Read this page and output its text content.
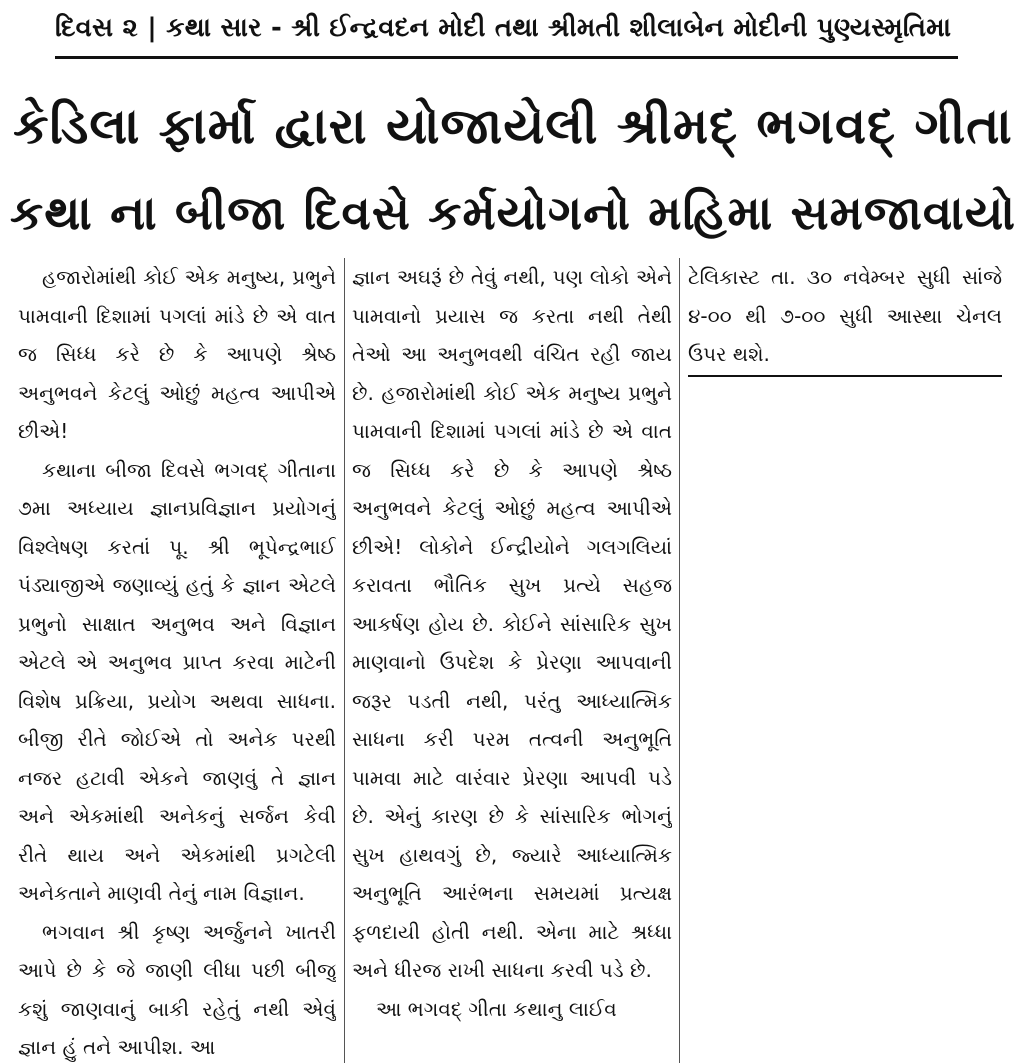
દિવસ ૨ | કથા સાર - શ્રી ઈન્દ્રવદન મોદી તથા શ્રીમતી શીલાબેન મોદીની પુણ્યસ્મૃતિમા
કેડિલા ફાર્મા દ્વારા યોજાયેલી શ્રીમદ્ ભગવદ્ ગીતા
કથા ના બીજા દિવસે કર્મયોગનો મહિમા સમજાવાયો

હજારોમાંથી કોઈ એક મનુષ્ય, પ્રભુને પામવાની દિશામાં પગલાં માંડે છે એ વાત જ સિધ્ધ કરે છે કે આપણે શ્રેષ્ઠ અનુભવને કેટલું ઓછું મહત્વ આપીએ છીએ!

કથાના બીજા દિવસે ભગવદ્ ગીતાના ૭મા અધ્યાય જ્ઞાનપ્રવિજ્ઞાન પ્રયોગનું વિશ્લેષણ કરતાં પૂ. શ્રી ભૂપેન્દ્રભાઈ પંડ્યાજીએ જણાવ્યું હતું કે જ્ઞાન એટલે પ્રભુનો સાક્ષાત અનુભવ અને વિજ્ઞાન એટલે એ અનુભવ પ્રાપ્ત કરવા માટેની વિશેષ પ્રક્રિયા, પ્રયોગ અથવા સાધના. બીજી રીતે જોઈએ તો અનેક પરથી નજર હટાવી એકને જાણવું તે જ્ઞાન અને એકમાંથી અનેકનું સર્જન કેવી રીતે થાય અને એકમાંથી પ્રગટેલી અનેકતાને માણવી તેનું નામ વિજ્ઞાન.

ભગવાન શ્રી કૃષ્ણ અર્જુનને ખાતરી આપે છે કે જે જાણી લીધા પછી બીજુ કશું જાણવાનું બાકી રહેતું નથી એવું જ્ઞાન હું તને આપીશ. આ

જ્ઞાન અઘરૂં છે તેવું નથી, પણ લોકો એને પામવાનો પ્રયાસ જ કરતા નથી તેથી તેઓ આ અનુભવથી વંચિત રહી જાય છે. હજારોમાંથી કોઈ એક મનુષ્ય પ્રભુને પામવાની દિશામાં પગલાં માંડે છે એ વાત જ સિધ્ધ કરે છે કે આપણે શ્રેષ્ઠ અનુભવને કેટલું ઓછું મહત્વ આપીએ છીએ! લોકોને ઈન્દ્રીયોને ગલગલિયાં કરાવતા ભૌતિક સુખ પ્રત્યે સહજ આકર્ષણ હોય છે. કોઈને સાંસારિક સુખ માણવાનો ઉપદેશ કે પ્રેરણા આપવાની જરૂર પડતી નથી, પરંતુ આધ્યાત્મિક સાધના કરી પરમ તત્વની અનુભૂતિ પામવા માટે વારંવાર પ્રેરણા આપવી પડે છે. એનું કારણ છે કે સાંસારિક ભોગનું સુખ હાથવગું છે, જ્યારે આધ્યાત્મિક અનુભૂતિ આરંભના સમયમાં પ્રત્યક્ષ ફળદાયી હોતી નથી. એના માટે શ્રધ્ધા અને ધીરજ રાખી સાધના કરવી પડે છે.

આ ભગવદ્ ગીતા કથાનુ લાઈવ

ટેલિકાસ્ટ તા. ૩૦ નવેમ્બર સુધી સાંજે ૪-૦૦ થી ૭-૦૦ સુધી આસ્થા ચેનલ ઉપર થશે.
